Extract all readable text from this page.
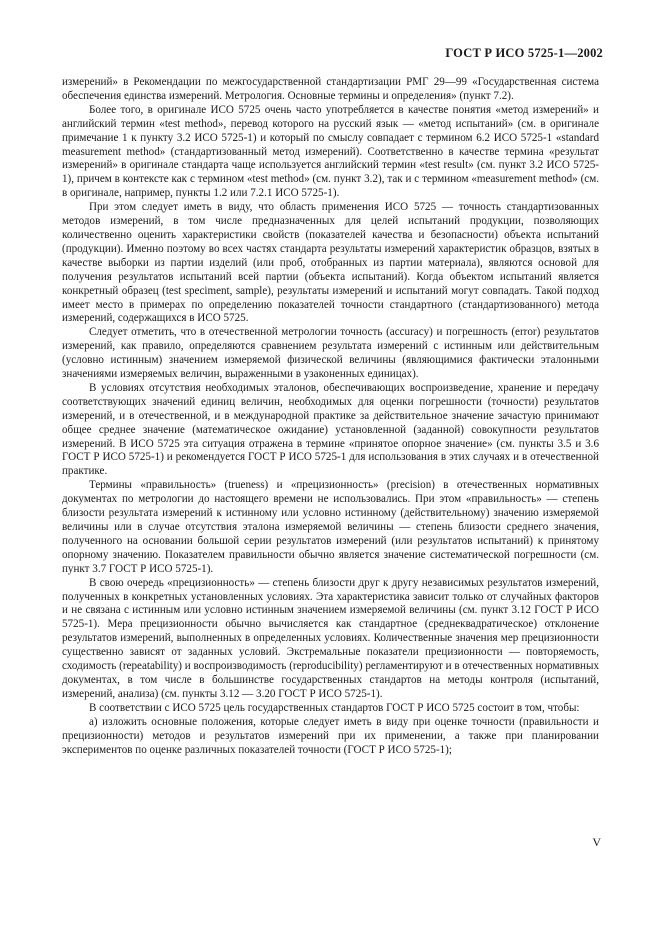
ГОСТ Р ИСО 5725-1—2002

измерений» в Рекомендации по межгосударственной стандартизации РМГ 29—99 «Государственная система обеспечения единства измерений. Метрология. Основные термины и определения» (пункт 7.2).

Более того, в оригинале ИСО 5725 очень часто употребляется в качестве понятия «метод измерений» и английский термин «test method», перевод которого на русский язык — «метод испытаний» (см. в оригинале примечание 1 к пункту 3.2 ИСО 5725-1) и который по смыслу совпадает с термином 6.2 ИСО 5725-1 «standard measurement method» (стандартизованный метод измерений). Соответственно в качестве термина «результат измерений» в оригинале стандарта чаще используется английский термин «test result» (см. пункт 3.2 ИСО 5725-1), причем в контексте как с термином «test method» (см. пункт 3.2), так и с термином «measurement method» (см. в оригинале, например, пункты 1.2 или 7.2.1 ИСО 5725-1).

При этом следует иметь в виду, что область применения ИСО 5725 — точность стандартизованных методов измерений, в том числе предназначенных для целей испытаний продукции, позволяющих количественно оценить характеристики свойств (показателей качества и безопасности) объекта испытаний (продукции). Именно поэтому во всех частях стандарта результаты измерений характеристик образцов, взятых в качестве выборки из партии изделий (или проб, отобранных из партии материала), являются основой для получения результатов испытаний всей партии (объекта испытаний). Когда объектом испытаний является конкретный образец (test speciment, sample), результаты измерений и испытаний могут совпадать. Такой подход имеет место в примерах по определению показателей точности стандартного (стандартизованного) метода измерений, содержащихся в ИСО 5725.

Следует отметить, что в отечественной метрологии точность (accuracy) и погрешность (error) результатов измерений, как правило, определяются сравнением результата измерений с истинным или действительным (условно истинным) значением измеряемой физической величины (являющимися фактически эталонными значениями измеряемых величин, выраженными в узаконенных единицах).

В условиях отсутствия необходимых эталонов, обеспечивающих воспроизведение, хранение и передачу соответствующих значений единиц величин, необходимых для оценки погрешности (точности) результатов измерений, и в отечественной, и в международной практике за действительное значение зачастую принимают общее среднее значение (математическое ожидание) установленной (заданной) совокупности результатов измерений. В ИСО 5725 эта ситуация отражена в термине «принятое опорное значение» (см. пункты 3.5 и 3.6 ГОСТ Р ИСО 5725-1) и рекомендуется ГОСТ Р ИСО 5725-1 для использования в этих случаях и в отечественной практике.

Термины «правильность» (trueness) и «прецизионность» (precision) в отечественных нормативных документах по метрологии до настоящего времени не использовались. При этом «правильность» — степень близости результата измерений к истинному или условно истинному (действительному) значению измеряемой величины или в случае отсутствия эталона измеряемой величины — степень близости среднего значения, полученного на основании большой серии результатов измерений (или результатов испытаний) к принятому опорному значению. Показателем правильности обычно является значение систематической погрешности (см. пункт 3.7 ГОСТ Р ИСО 5725-1).

В свою очередь «прецизионность» — степень близости друг к другу независимых результатов измерений, полученных в конкретных установленных условиях. Эта характеристика зависит только от случайных факторов и не связана с истинным или условно истинным значением измеряемой величины (см. пункт 3.12 ГОСТ Р ИСО 5725-1). Мера прецизионности обычно вычисляется как стандартное (среднеквадратическое) отклонение результатов измерений, выполненных в определенных условиях. Количественные значения мер прецизионности существенно зависят от заданных условий. Экстремальные показатели прецизионности — повторяемость, сходимость (repeatability) и воспроизводимость (reproducibility) регламентируют и в отечественных нормативных документах, в том числе в большинстве государственных стандартов на методы контроля (испытаний, измерений, анализа) (см. пункты 3.12 — 3.20 ГОСТ Р ИСО 5725-1).

В соответствии с ИСО 5725 цель государственных стандартов ГОСТ Р ИСО 5725 состоит в том, чтобы:

а) изложить основные положения, которые следует иметь в виду при оценке точности (правильности и прецизионности) методов и результатов измерений при их применении, а также при планировании экспериментов по оценке различных показателей точности (ГОСТ Р ИСО 5725-1);

V
